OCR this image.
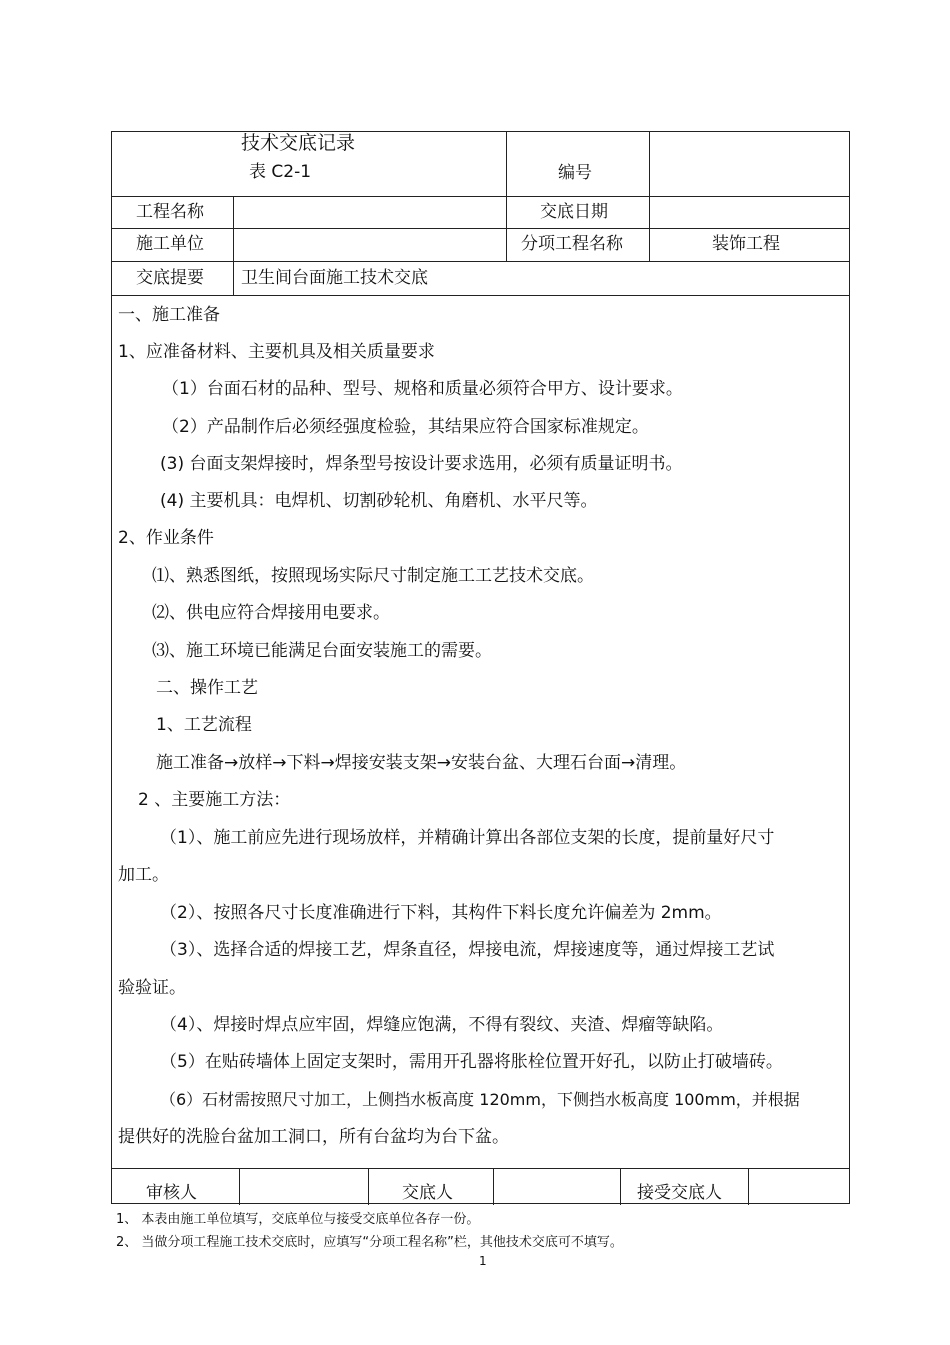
技术交底记录
表 C2-1	编号
工程名称	交底日期
施工单位	分项工程名称	装饰工程
交底提要 卫生间台面施工技术交底
一、施工准备
1、应准备材料、主要机具及相关质量要求
（1）台面石材的品种、型号、规格和质量必须符合甲方、设计要求。
（2）产品制作后必须经强度检验，其结果应符合国家标准规定。
(3) 台面支架焊接时，焊条型号按设计要求选用，必须有质量证明书。
(4) 主要机具：电焊机、切割砂轮机、角磨机、水平尺等。
2、作业条件
⑴、熟悉图纸，按照现场实际尺寸制定施工工艺技术交底。
⑵、供电应符合焊接用电要求。
⑶、施工环境已能满足台面安装施工的需要。
二、操作工艺
1、工艺流程
施工准备→放样→下料→焊接安装支架→安装台盆、大理石台面→清理。
2 、主要施工方法：
（1）、施工前应先进行现场放样，并精确计算出各部位支架的长度，提前量好尺寸
加工。
（2）、按照各尺寸长度准确进行下料，其构件下料长度允许偏差为 2mm。
（3）、选择合适的焊接工艺，焊条直径，焊接电流，焊接速度等，通过焊接工艺试
验验证。
（4）、焊接时焊点应牢固，焊缝应饱满，不得有裂纹、夹渣、焊瘤等缺陷。
（5）在贴砖墙体上固定支架时，需用开孔器将胀栓位置开好孔，以防止打破墙砖。
（6）石材需按照尺寸加工，上侧挡水板高度 120mm，下侧挡水板高度 100mm，并根据
提供好的洗脸台盆加工洞口，所有台盆均为台下盆。
审核人	交底人	接受交底人
1、 本表由施工单位填写，交底单位与接受交底单位各存一份。
2、 当做分项工程施工技术交底时，应填写“分项工程名称”栏，其他技术交底可不填写。
1
